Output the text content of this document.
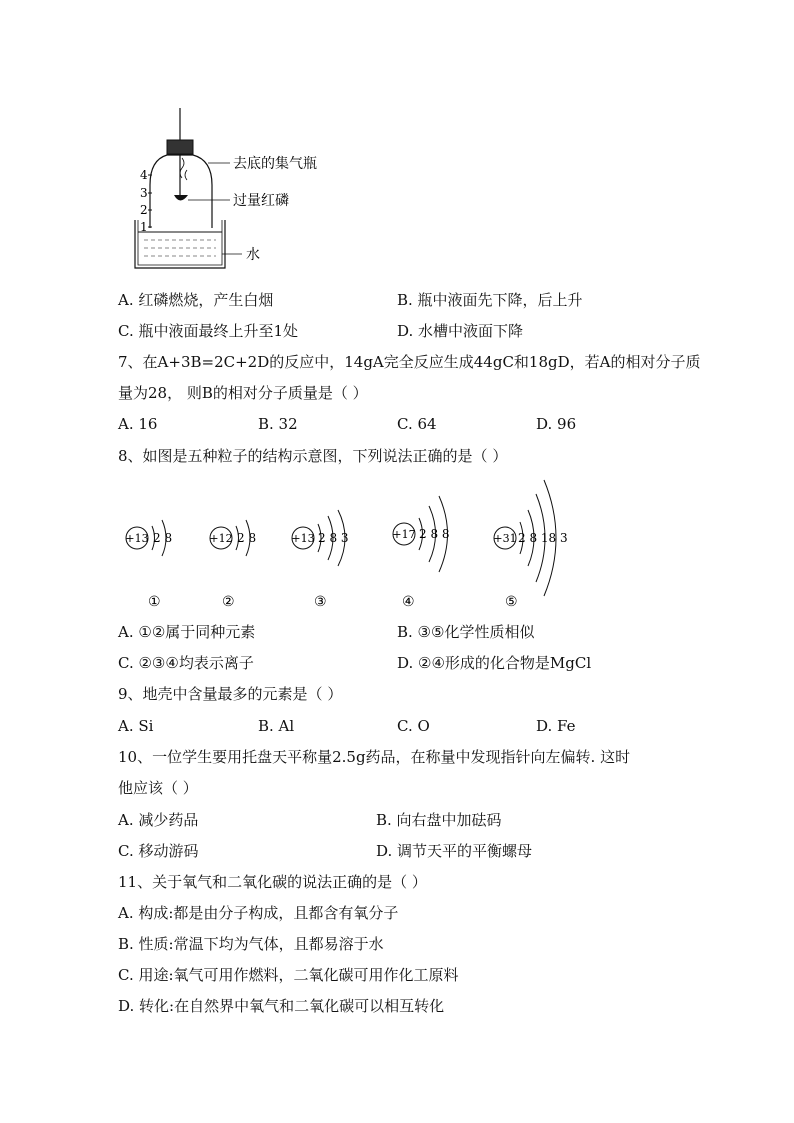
4
3
2
1
去底的集气瓶
过量红磷
水
A. 红磷燃烧，产生白烟	B. 瓶中液面先下降，后上升
C. 瓶中液面最终上升至1处	D. 水槽中液面下降
7、在A+3B=2C+2D的反应中，14gA完全反应生成44gC和18gD，若A的相对分子质
量为28， 则B的相对分子质量是（ ）
A. 16	B. 32	C. 64	D. 96
8、如图是五种粒子的结构示意图，下列说法正确的是（ ）
+13 2 8
①
+12 2 8
②
+13 2 8 3
③
+17 2 8 8
④
+31 2 8 18 3
⑤
A. ①②属于同种元素	B. ③⑤化学性质相似
C. ②③④均表示离子	D. ②④形成的化合物是MgCl
9、地壳中含量最多的元素是（ ）
A. Si	B. Al	C. O	D. Fe
10、一位学生要用托盘天平称量2.5g药品，在称量中发现指针向左偏转. 这时
他应该（ ）
A. 减少药品	B. 向右盘中加砝码
C. 移动游码	D. 调节天平的平衡螺母
11、关于氧气和二氧化碳的说法正确的是（ ）
A. 构成:都是由分子构成，且都含有氧分子
B. 性质:常温下均为气体，且都易溶于水
C. 用途:氧气可用作燃料，二氧化碳可用作化工原料
D. 转化:在自然界中氧气和二氧化碳可以相互转化
